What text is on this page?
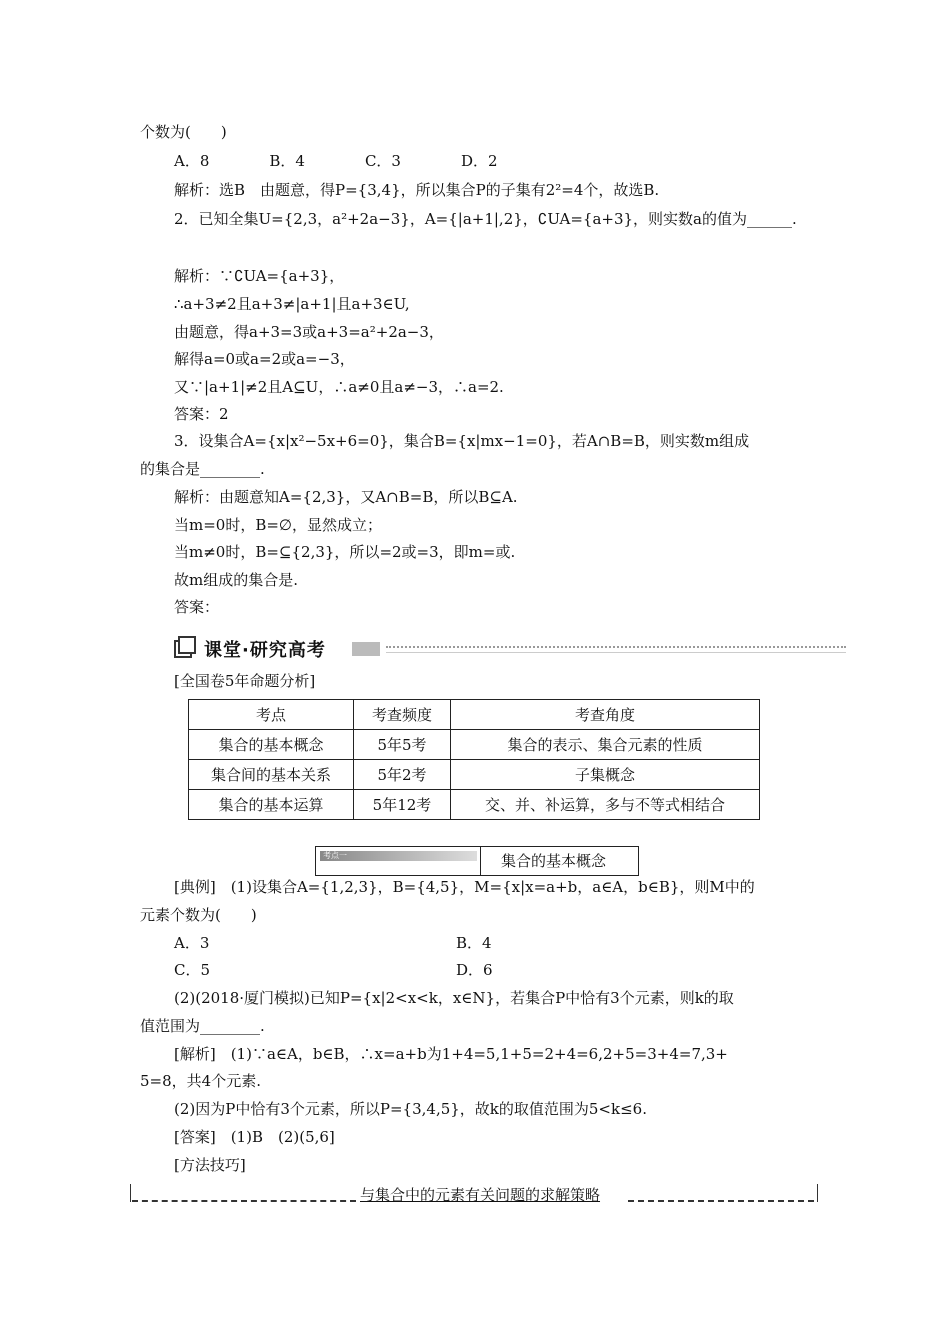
个数为(　　)
A．8　　　　B．4　　　　C．3　　　　D．2
解析：选B　由题意，得P={3,4}，所以集合P的子集有2²=4个，故选B.
2．已知全集U={2,3，a²+2a−3}，A={|a+1|,2}，∁UA={a+3}，则实数a的值为______.
解析：∵∁UA={a+3}，
∴a+3≠2且a+3≠|a+1|且a+3∈U,
由题意，得a+3=3或a+3=a²+2a−3，
解得a=0或a=2或a=−3，
又∵|a+1|≠2且A⊆U，∴a≠0且a≠−3，∴a=2.
答案：2
3．设集合A={x|x²−5x+6=0}，集合B={x|mx−1=0}，若A∩B=B，则实数m组成
的集合是________.
解析：由题意知A={2,3}，又A∩B=B，所以B⊆A.
当m=0时，B=∅，显然成立；
当m≠0时，B=⊆{2,3}，所以=2或=3，即m=或.
故m组成的集合是.
答案：
课堂·研究高考
[全国卷5年命题分析]
考点	考查频度	考查角度
集合的基本概念	5年5考	集合的表示、集合元素的性质
集合间的基本关系	5年2考	子集概念
集合的基本运算	5年12考	交、并、补运算，多与不等式相结合
考点一	集合的基本概念
[典例]　(1)设集合A={1,2,3}，B={4,5}，M={x|x=a+b，a∈A，b∈B}，则M中的
元素个数为(　　)
A．3	B．4
C．5	D．6
(2)(2018·厦门模拟)已知P={x|2<x<k，x∈N}，若集合P中恰有3个元素，则k的取
值范围为________.
[解析]　(1)∵a∈A，b∈B，∴x=a+b为1+4=5,1+5=2+4=6,2+5=3+4=7,3+
5=8，共4个元素.
(2)因为P中恰有3个元素，所以P={3,4,5}，故k的取值范围为5<k≤6.
[答案]　(1)B　(2)(5,6]
[方法技巧]
与集合中的元素有关问题的求解策略
